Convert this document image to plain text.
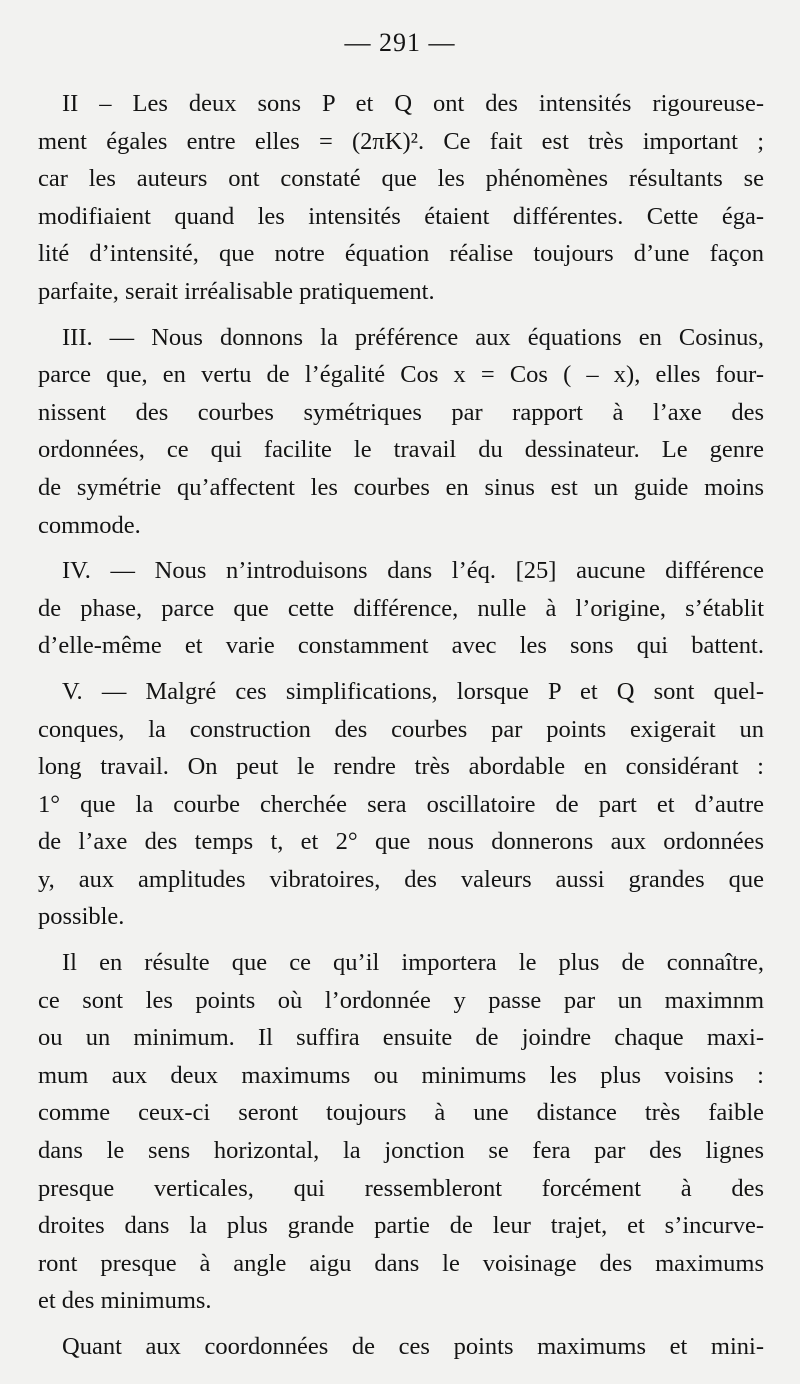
— 291 —

II – Les deux sons P et Q ont des intensités rigoureuse-
ment égales entre elles = (2πK)². Ce fait est très important ;
car les auteurs ont constaté que les phénomènes résultants se
modifiaient quand les intensités étaient différentes. Cette éga-
lité d’intensité, que notre équation réalise toujours d’une façon
parfaite, serait irréalisable pratiquement.

III. — Nous donnons la préférence aux équations en Cosinus,
parce que, en vertu de l’égalité Cos x = Cos ( – x), elles four-
nissent des courbes symétriques par rapport à l’axe des
ordonnées, ce qui facilite le travail du dessinateur. Le genre
de symétrie qu’affectent les courbes en sinus est un guide moins
commode.

IV. — Nous n’introduisons dans l’éq. [25] aucune différence
de phase, parce que cette différence, nulle à l’origine, s’établit
d’elle-même et varie constamment avec les sons qui battent.

V. — Malgré ces simplifications, lorsque P et Q sont quel-
conques, la construction des courbes par points exigerait un
long travail. On peut le rendre très abordable en considérant :
1° que la courbe cherchée sera oscillatoire de part et d’autre
de l’axe des temps t, et 2° que nous donnerons aux ordonnées
y, aux amplitudes vibratoires, des valeurs aussi grandes que
possible.

Il en résulte que ce qu’il importera le plus de connaître,
ce sont les points où l’ordonnée y passe par un maximnm
ou un minimum. Il suffira ensuite de joindre chaque maxi-
mum aux deux maximums ou minimums les plus voisins :
comme ceux-ci seront toujours à une distance très faible
dans le sens horizontal, la jonction se fera par des lignes
presque verticales, qui ressembleront forcément à des
droites dans la plus grande partie de leur trajet, et s’incurve-
ront presque à angle aigu dans le voisinage des maximums
et des minimums.

Quant aux coordonnées de ces points maximums et mini-
